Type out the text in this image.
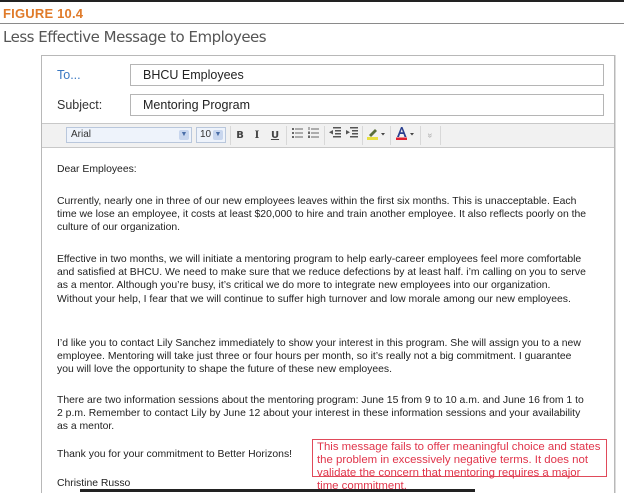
FIGURE 10.4
Less Effective Message to Employees
To...	BHCU Employees
Subject:	Mentoring Program
Arial	▼	10 ▼	B	I	U	»

Dear Employees:

Currently, nearly one in three of our new employees leaves within the first six months. This is unacceptable. Each time we lose an employee, it costs at least $20,000 to hire and train another employee. It also reflects poorly on the culture of our organization.

Effective in two months, we will initiate a mentoring program to help early-career employees feel more comfortable and satisfied at BHCU. We need to make sure that we reduce defections by at least half. i’m calling on you to serve as a mentor. Although you’re busy, it’s critical we do more to integrate new employees into our organization. Without your help, I fear that we will continue to suffer high turnover and low morale among our new employees.

I’d like you to contact Lily Sanchez immediately to show your interest in this program. She will assign you to a new employee. Mentoring will take just three or four hours per month, so it’s really not a big commitment. I guarantee you will love the opportunity to shape the future of these new employees.

There are two information sessions about the mentoring program: June 15 from 9 to 10 a.m. and June 16 from 1 to 2 p.m. Remember to contact Lily by June 12 about your interest in these information sessions and your availability as a mentor.

Thank you for your commitment to Better Horizons!

Christine Russo

This message fails to offer meaningful choice and states the problem in excessively negative terms. It does not validate the concern that mentoring requires a major time commitment.
